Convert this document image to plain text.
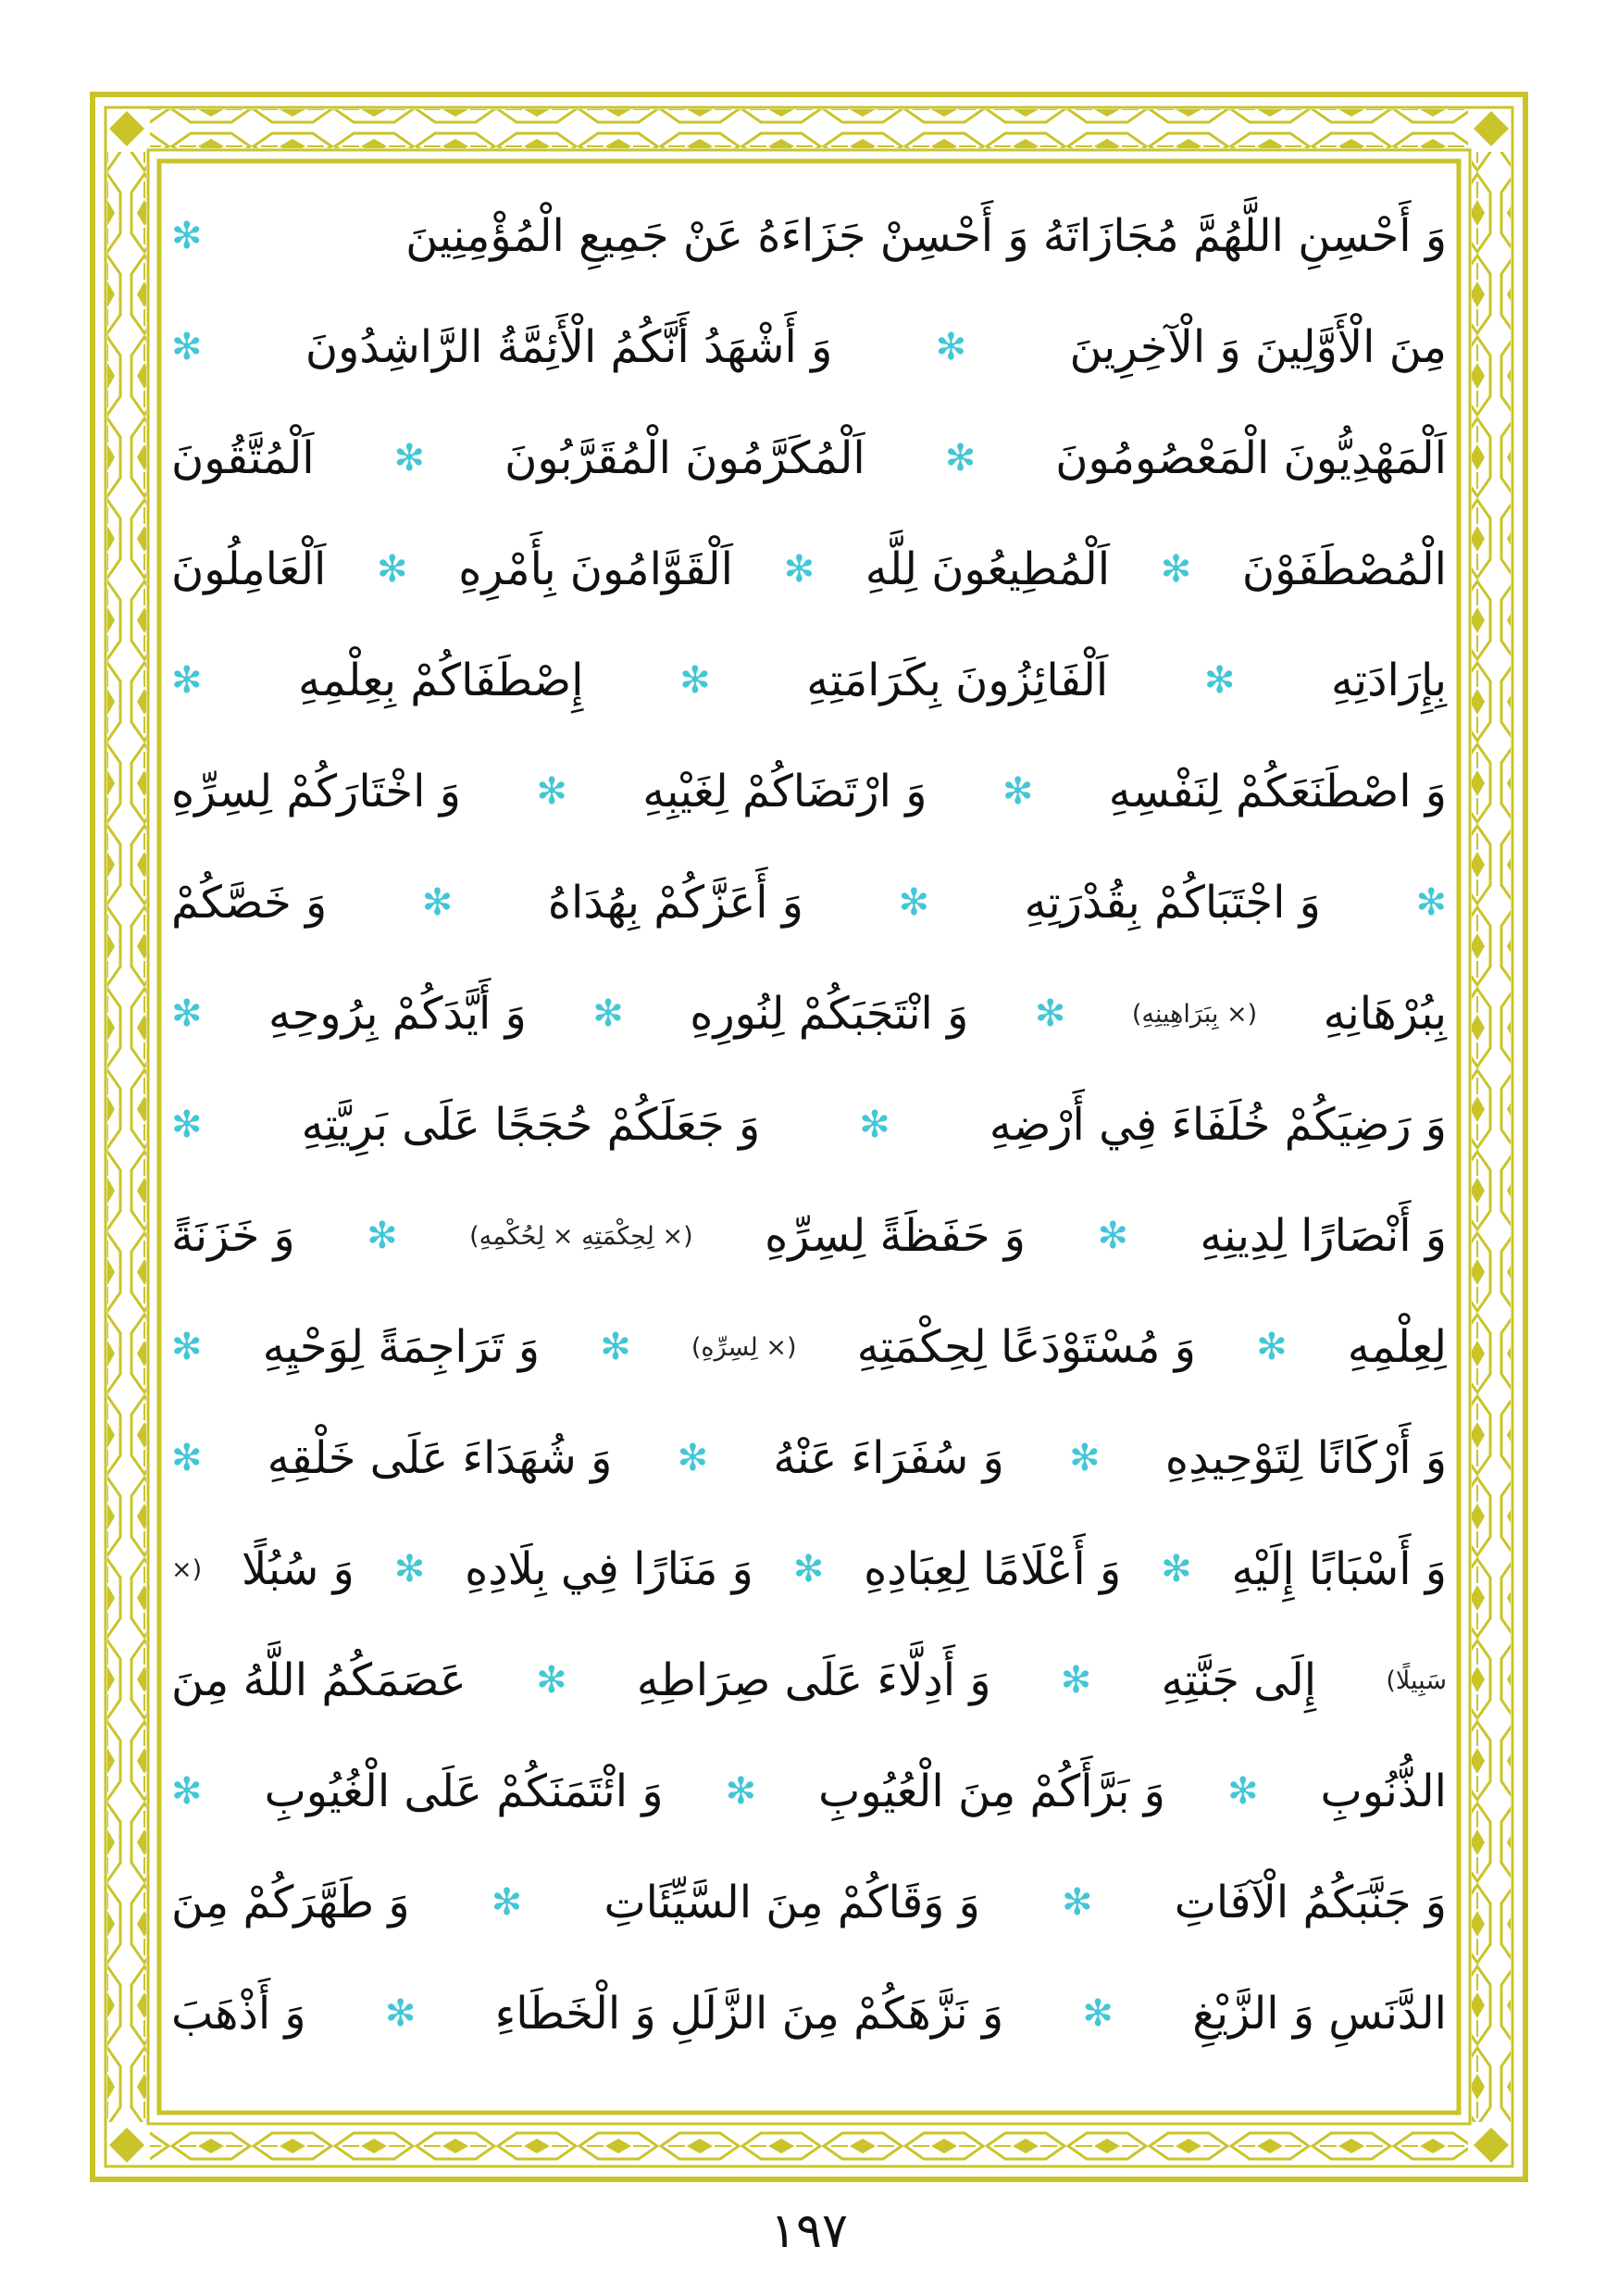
وَ أَحْسِنِ اللَّهُمَّ مُجَازَاتَهُ وَ أَحْسِنْ جَزَاءَهُ عَنْ جَمِيعِ الْمُؤْمِنِينَ
✻
مِنَ الْأَوَّلِينَ وَ الْآخِرِينَ
✻
وَ أَشْهَدُ أَنَّكُمُ الْأَئِمَّةُ الرَّاشِدُونَ
✻
اَلْمَهْدِيُّونَ الْمَعْصُومُونَ
✻
اَلْمُكَرَّمُونَ الْمُقَرَّبُونَ
✻
اَلْمُتَّقُونَ
الْمُصْطَفَوْنَ
✻
اَلْمُطِيعُونَ لِلَّهِ
✻
اَلْقَوَّامُونَ بِأَمْرِهِ
✻
اَلْعَامِلُونَ
بِإِرَادَتِهِ
✻
اَلْفَائِزُونَ بِكَرَامَتِهِ
✻
إِصْطَفَاكُمْ بِعِلْمِهِ
✻
وَ اصْطَنَعَكُمْ لِنَفْسِهِ
✻
وَ ارْتَضَاكُمْ لِغَيْبِهِ
✻
وَ اخْتَارَكُمْ لِسِرِّهِ
✻
وَ اجْتَبَاكُمْ بِقُدْرَتِهِ
✻
وَ أَعَزَّكُمْ بِهُدَاهُ
✻
وَ خَصَّكُمْ
بِبُرْهَانِهِ
(× بِبَرَاهِينِهِ)
✻
وَ انْتَجَبَكُمْ لِنُورِهِ
✻
وَ أَيَّدَكُمْ بِرُوحِهِ
✻
وَ رَضِيَكُمْ خُلَفَاءَ فِي أَرْضِهِ
✻
وَ جَعَلَكُمْ حُجَجًا عَلَى بَرِيَّتِهِ
✻
وَ أَنْصَارًا لِدِينِهِ
✻
وَ حَفَظَةً لِسِرِّهِ
(× لِحِكْمَتِهِ × لِحُكْمِهِ)
✻
وَ خَزَنَةً
لِعِلْمِهِ
✻
وَ مُسْتَوْدَعًا لِحِكْمَتِهِ
(× لِسِرِّهِ)
✻
وَ تَرَاجِمَةً لِوَحْيِهِ
✻
وَ أَرْكَانًا لِتَوْحِيدِهِ
✻
وَ سُفَرَاءَ عَنْهُ
✻
وَ شُهَدَاءَ عَلَى خَلْقِهِ
✻
وَ أَسْبَابًا إِلَيْهِ
✻
وَ أَعْلَامًا لِعِبَادِهِ
✻
وَ مَنَارًا فِي بِلَادِهِ
✻
وَ سُبُلًا
(×
سَبِيلًا)
إِلَى جَنَّتِهِ
✻
وَ أَدِلَّاءَ عَلَى صِرَاطِهِ
✻
عَصَمَكُمُ اللَّهُ مِنَ
الذُّنُوبِ
✻
وَ بَرَّأَكُمْ مِنَ الْعُيُوبِ
✻
وَ ائْتَمَنَكُمْ عَلَى الْغُيُوبِ
✻
وَ جَنَّبَكُمُ الْآفَاتِ
✻
وَ وَقَاكُمْ مِنَ السَّيِّئَاتِ
✻
وَ طَهَّرَكُمْ مِنَ
الدَّنَسِ وَ الزَّيْغِ
✻
وَ نَزَّهَكُمْ مِنَ الزَّلَلِ وَ الْخَطَاءِ
✻
وَ أَذْهَبَ
١٩٧
